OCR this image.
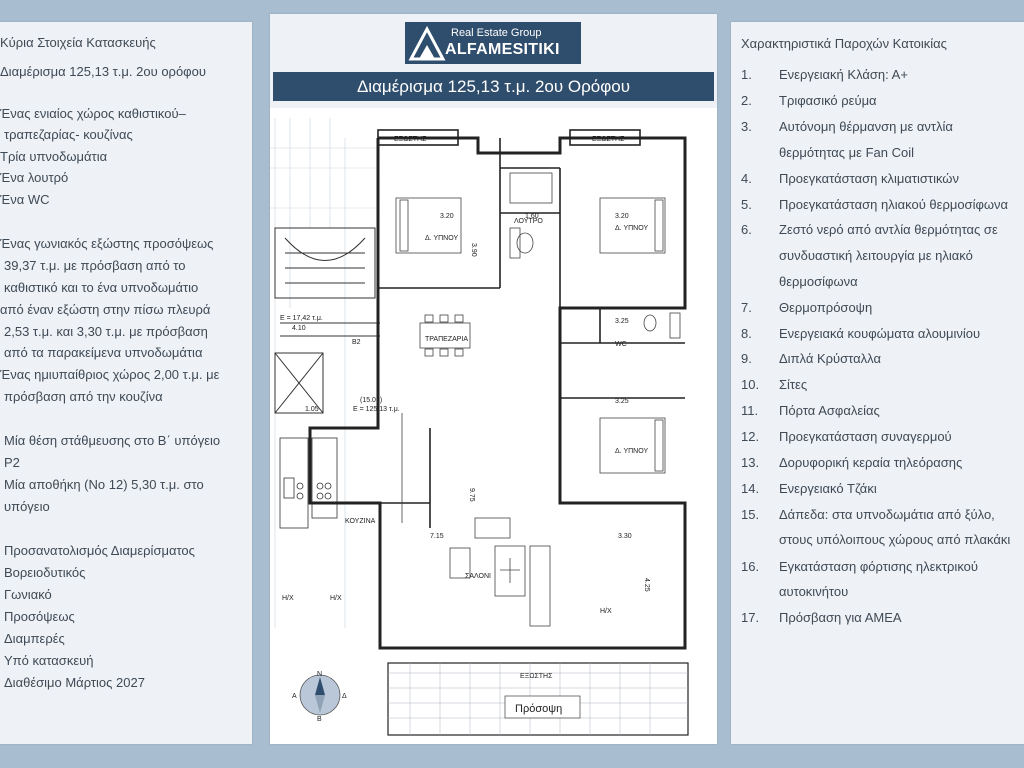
Κύρια Στοιχεία Κατασκευής
Διαμέρισμα 125,13 τ.μ. 2ου ορόφου
· Ένας ενιαίος χώρος καθιστικού–
τραπεζαρίας- κουζίνας
· Τρία υπνοδωμάτια
· Ένα λουτρό
· Ένα WC
· Ένας γωνιακός εξώστης προσόψεως
39,37 τ.μ. με πρόσβαση από το
καθιστικό και το ένα υπνοδωμάτιο
· από έναν εξώστη στην πίσω πλευρά
2,53 τ.μ. και 3,30 τ.μ. με πρόσβαση
από τα παρακείμενα υπνοδωμάτια
· Ένας ημιυπαίθριος χώρος 2,00 τ.μ. με
πρόσβαση από την κουζίνα
· Μία θέση στάθμευσης στο Β΄ υπόγειο
P2
· Μία αποθήκη (Νο 12) 5,30 τ.μ. στο
υπόγειο
· Προσανατολισμός Διαμερίσματος
Βορειοδυτικός
· Γωνιακό
· Προσόψεως
· Διαμπερές
· Υπό κατασκευή
· Διαθέσιμο Μάρτιος 2027
Real Estate Group
ALFAMESITIKI
Διαμέρισμα 125,13 τ.μ. 2ου Ορόφου
Ε = 17,42 τ.μ.
Β2
Πρόσοψη
N
Δ
Β
Α
ΕΞΩΣΤΗΣ	ΕΞΩΣΤΗΣ
Δ. ΥΠΝΟΥ
Δ. ΥΠΝΟΥ
Δ. ΥΠΝΟΥ
ΛΟΥΤΡΟ
WC
ΤΡΑΠΕΖΑΡΙΑ
ΚΟΥΖΙΝΑ
ΣΑΛΟΝΙ
Η/Χ	Η/Χ
Η/Χ
ΕΞΩΣΤΗΣ
(15.05)
Ε = 125,13 τ.μ.
3.20
3.90
1.60	3.20
3.25
3.25
9.75
7.15	3.30
4.25
4.10
1.05
Χαρακτηριστικά Παροχών Κατοικίας
1. Ενεργειακή Κλάση: Α+
2. Τριφασικό ρεύμα
3. Αυτόνομη θέρμανση με αντλία
θερμότητας με Fan Coil
4. Προεγκατάσταση κλιματιστικών
5. Προεγκατάσταση ηλιακού θερμοσίφωνα
6. Ζεστό νερό από αντλία θερμότητας σε
συνδυαστική λειτουργία με ηλιακό
θερμοσίφωνα
7. Θερμοπρόσοψη
8. Ενεργειακά κουφώματα αλουμινίου
9. Διπλά Κρύσταλλα
10. Σίτες
11. Πόρτα Ασφαλείας
12. Προεγκατάσταση συναγερμού
13. Δορυφορική κεραία τηλεόρασης
14. Ενεργειακό Τζάκι
15. Δάπεδα: στα υπνοδωμάτια από ξύλο,
στους υπόλοιπους χώρους από πλακάκι
16. Εγκατάσταση φόρτισης ηλεκτρικού
αυτοκινήτου
17. Πρόσβαση για ΑΜΕΑ
